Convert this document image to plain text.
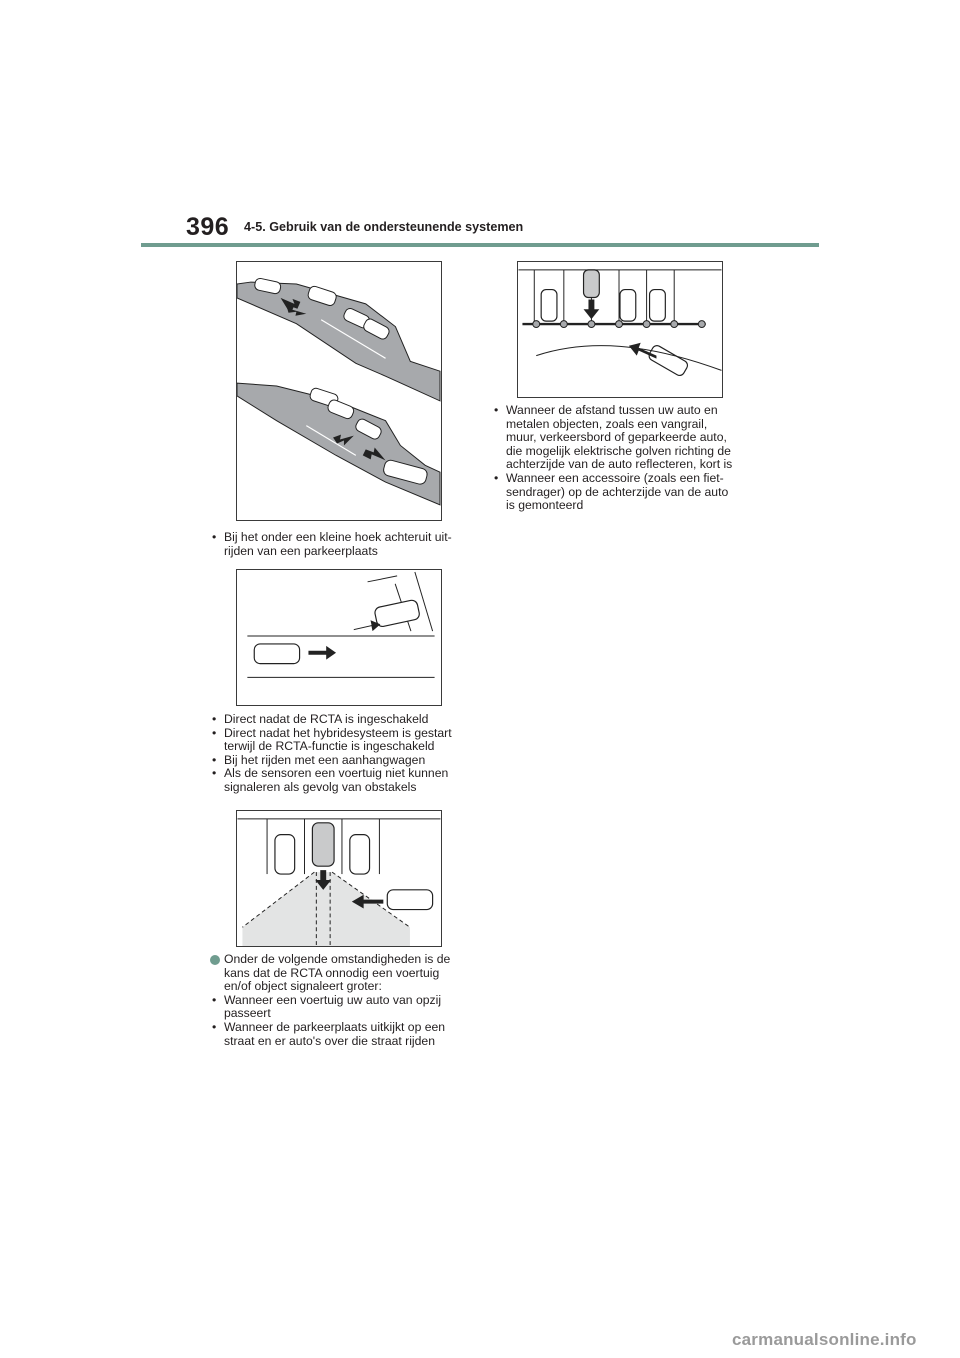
396 4-5. Gebruik van de ondersteunende systemen
• Bij het onder een kleine hoek achteruit uit-
rijden van een parkeerplaats
• Direct nadat de RCTA is ingeschakeld
• Direct nadat het hybridesysteem is gestart
terwijl de RCTA-functie is ingeschakeld
• Bij het rijden met een aanhangwagen
• Als de sensoren een voertuig niet kunnen
signaleren als gevolg van obstakels
Onder de volgende omstandigheden is de
kans dat de RCTA onnodig een voertuig
en/of object signaleert groter:
• Wanneer een voertuig uw auto van opzij
passeert
• Wanneer de parkeerplaats uitkijkt op een
straat en er auto's over die straat rijden
• Wanneer de afstand tussen uw auto en
metalen objecten, zoals een vangrail,
muur, verkeersbord of geparkeerde auto,
die mogelijk elektrische golven richting de
achterzijde van de auto reflecteren, kort is
• Wanneer een accessoire (zoals een fiet-
sendrager) op de achterzijde van de auto
is gemonteerd
carmanualsonline.info
